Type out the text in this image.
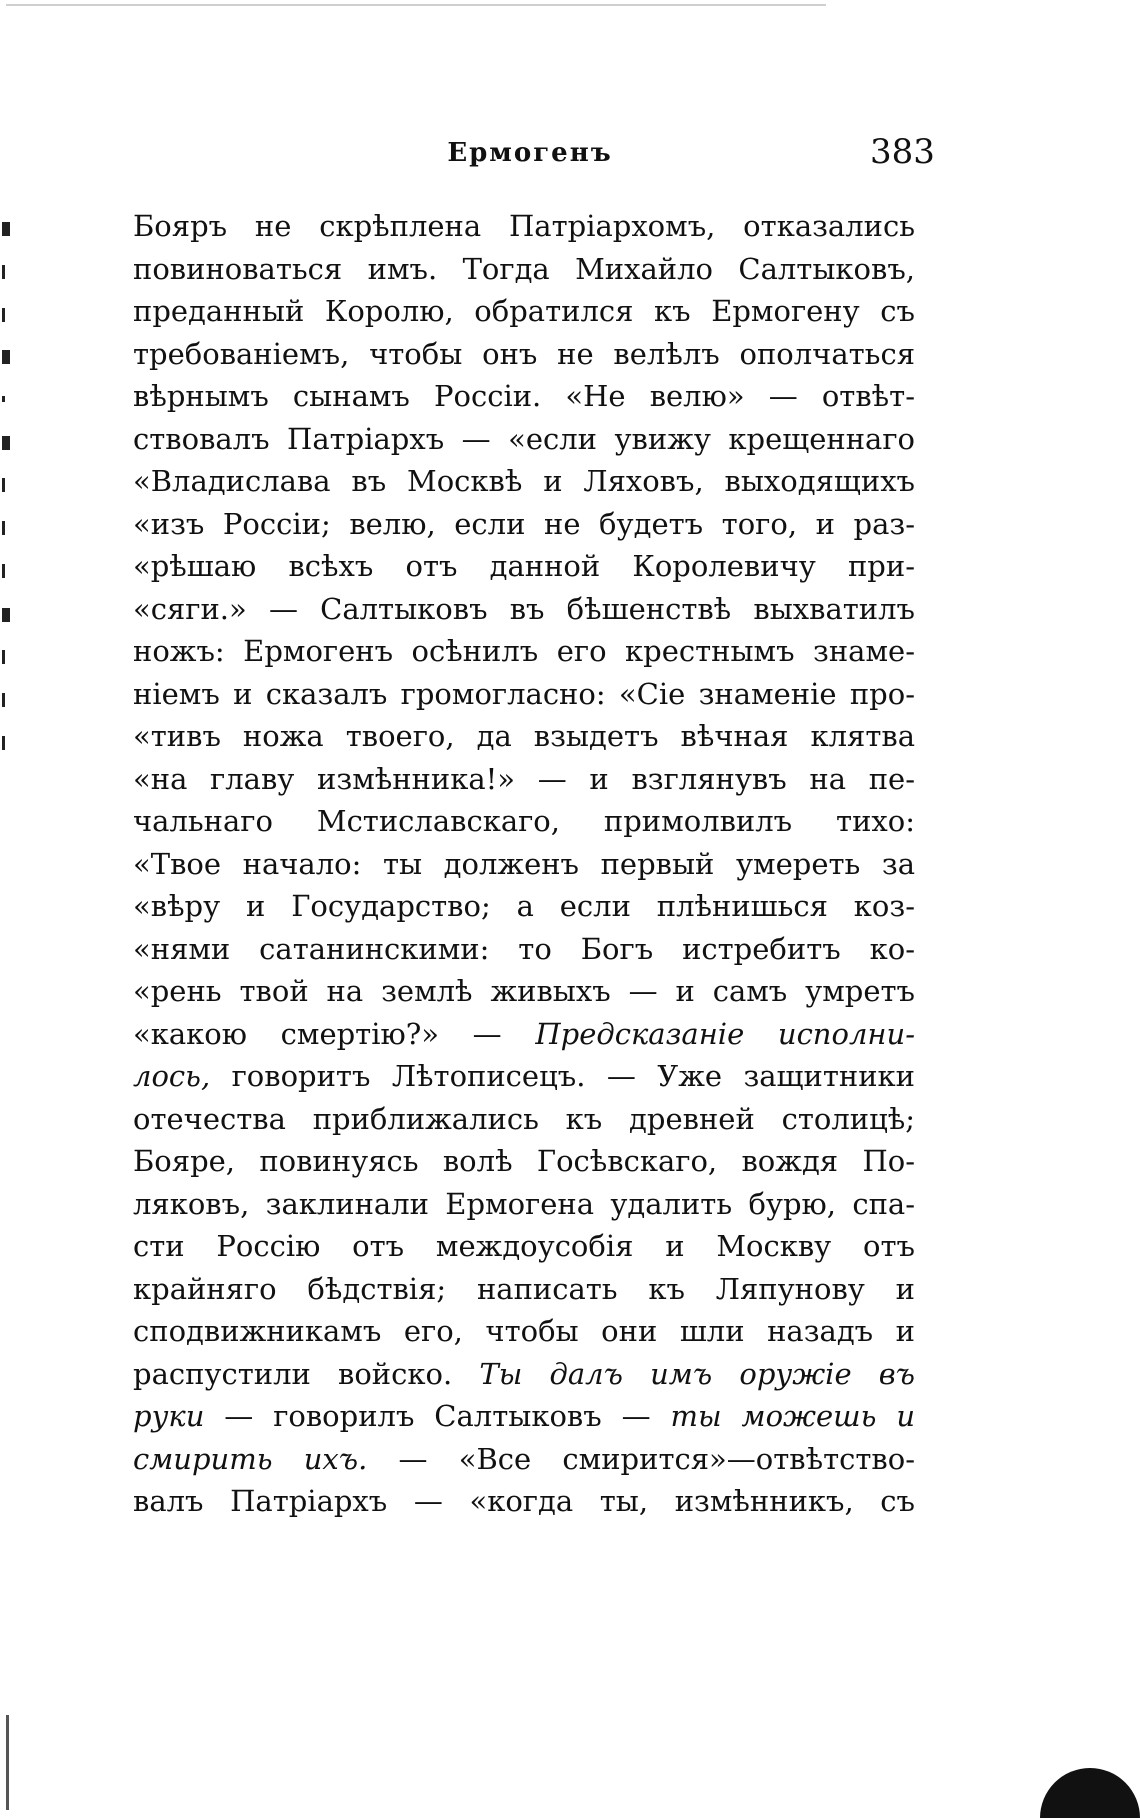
Ермогенъ	383
Бояръ не скрѣплена Патріархомъ, отказались
повиноваться имъ. Тогда Михайло Салтыковъ,
преданный Королю, обратился къ Ермогену съ
требованіемъ, чтобы онъ не велѣлъ ополчаться
вѣрнымъ сынамъ Россіи. «Не велю» — отвѣт-
ствовалъ Патріархъ — «если увижу крещеннаго
«Владислава въ Москвѣ и Ляховъ, выходящихъ
«изъ Россіи; велю, если не будетъ того, и раз-
«рѣшаю всѣхъ отъ данной Королевичу при-
«сяги.» — Салтыковъ въ бѣшенствѣ выхватилъ
ножъ: Ермогенъ осѣнилъ его крестнымъ знаме-
ніемъ и сказалъ громогласно: «Сіе знаменіе про-
«тивъ ножа твоего, да взыдетъ вѣчная клятва
«на главу измѣнника!» — и взглянувъ на пе-
чальнаго Мстиславскаго, примолвилъ тихо:
«Твое начало: ты долженъ первый умереть за
«вѣру и Государство; а если плѣнишься коз-
«нями сатанинскими: то Богъ истребитъ ко-
«рень твой на землѣ живыхъ — и самъ умретъ
«какою смертію?» — Предсказаніе исполни-
лось, говоритъ Лѣтописецъ. — Уже защитники
отечества приближались къ древней столицѣ;
Бояре, повинуясь волѣ Госѣвскаго, вождя По-
ляковъ, заклинали Ермогена удалить бурю, спа-
сти Россію отъ междоусобія и Москву отъ
крайняго бѣдствія; написать къ Ляпунову и
сподвижникамъ его, чтобы они шли назадъ и
распустили войско. Ты далъ имъ оружіе въ
руки — говорилъ Салтыковъ — ты можешь и
смирить ихъ. — «Все смирится»—отвѣтство-
валъ Патріархъ — «когда ты, измѣнникъ, съ
